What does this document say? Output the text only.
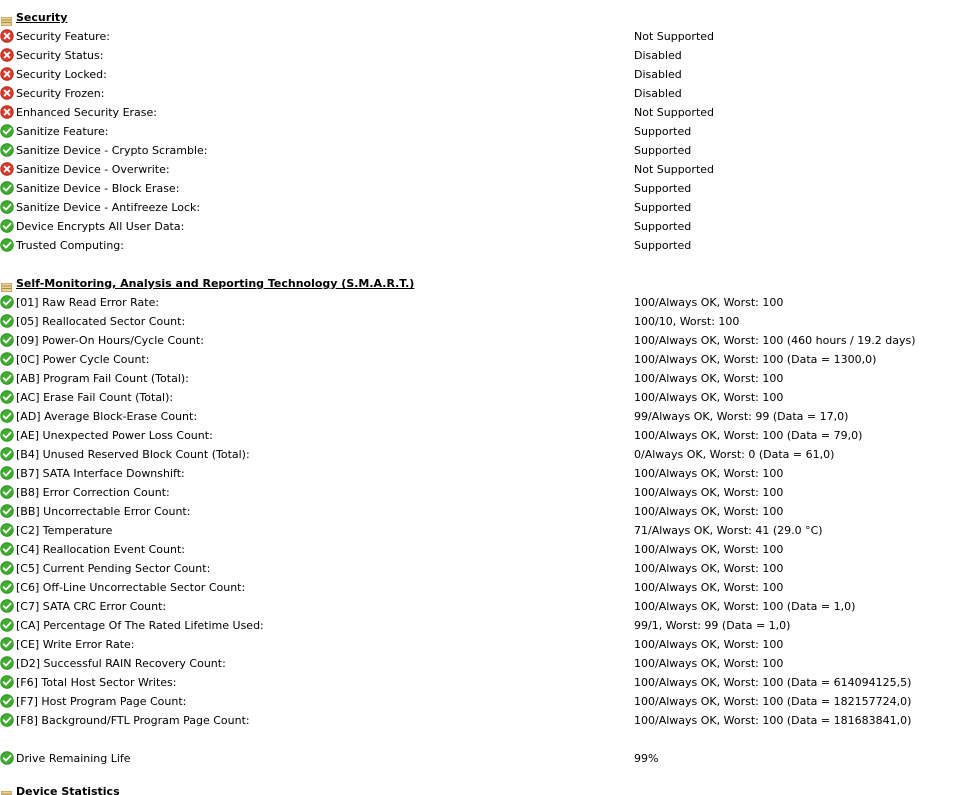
Security
Security Feature:	Not Supported
Security Status:	Disabled
Security Locked:	Disabled
Security Frozen:	Disabled
Enhanced Security Erase:	Not Supported
Sanitize Feature:	Supported
Sanitize Device - Crypto Scramble:	Supported
Sanitize Device - Overwrite:	Not Supported
Sanitize Device - Block Erase:	Supported
Sanitize Device - Antifreeze Lock:	Supported
Device Encrypts All User Data:	Supported
Trusted Computing:	Supported
Self-Monitoring, Analysis and Reporting Technology (S.M.A.R.T.)
[01] Raw Read Error Rate:	100/Always OK, Worst: 100
[05] Reallocated Sector Count:	100/10, Worst: 100
[09] Power-On Hours/Cycle Count:	100/Always OK, Worst: 100 (460 hours / 19.2 days)
[0C] Power Cycle Count:	100/Always OK, Worst: 100 (Data = 1300,0)
[AB] Program Fail Count (Total):	100/Always OK, Worst: 100
[AC] Erase Fail Count (Total):	100/Always OK, Worst: 100
[AD] Average Block-Erase Count:	99/Always OK, Worst: 99 (Data = 17,0)
[AE] Unexpected Power Loss Count:	100/Always OK, Worst: 100 (Data = 79,0)
[B4] Unused Reserved Block Count (Total):	0/Always OK, Worst: 0 (Data = 61,0)
[B7] SATA Interface Downshift:	100/Always OK, Worst: 100
[B8] Error Correction Count:	100/Always OK, Worst: 100
[BB] Uncorrectable Error Count:	100/Always OK, Worst: 100
[C2] Temperature	71/Always OK, Worst: 41 (29.0 °C)
[C4] Reallocation Event Count:	100/Always OK, Worst: 100
[C5] Current Pending Sector Count:	100/Always OK, Worst: 100
[C6] Off-Line Uncorrectable Sector Count:	100/Always OK, Worst: 100
[C7] SATA CRC Error Count:	100/Always OK, Worst: 100 (Data = 1,0)
[CA] Percentage Of The Rated Lifetime Used:	99/1, Worst: 99 (Data = 1,0)
[CE] Write Error Rate:	100/Always OK, Worst: 100
[D2] Successful RAIN Recovery Count:	100/Always OK, Worst: 100
[F6] Total Host Sector Writes:	100/Always OK, Worst: 100 (Data = 614094125,5)
[F7] Host Program Page Count:	100/Always OK, Worst: 100 (Data = 182157724,0)
[F8] Background/FTL Program Page Count:	100/Always OK, Worst: 100 (Data = 181683841,0)
Drive Remaining Life	99%
Device Statistics
